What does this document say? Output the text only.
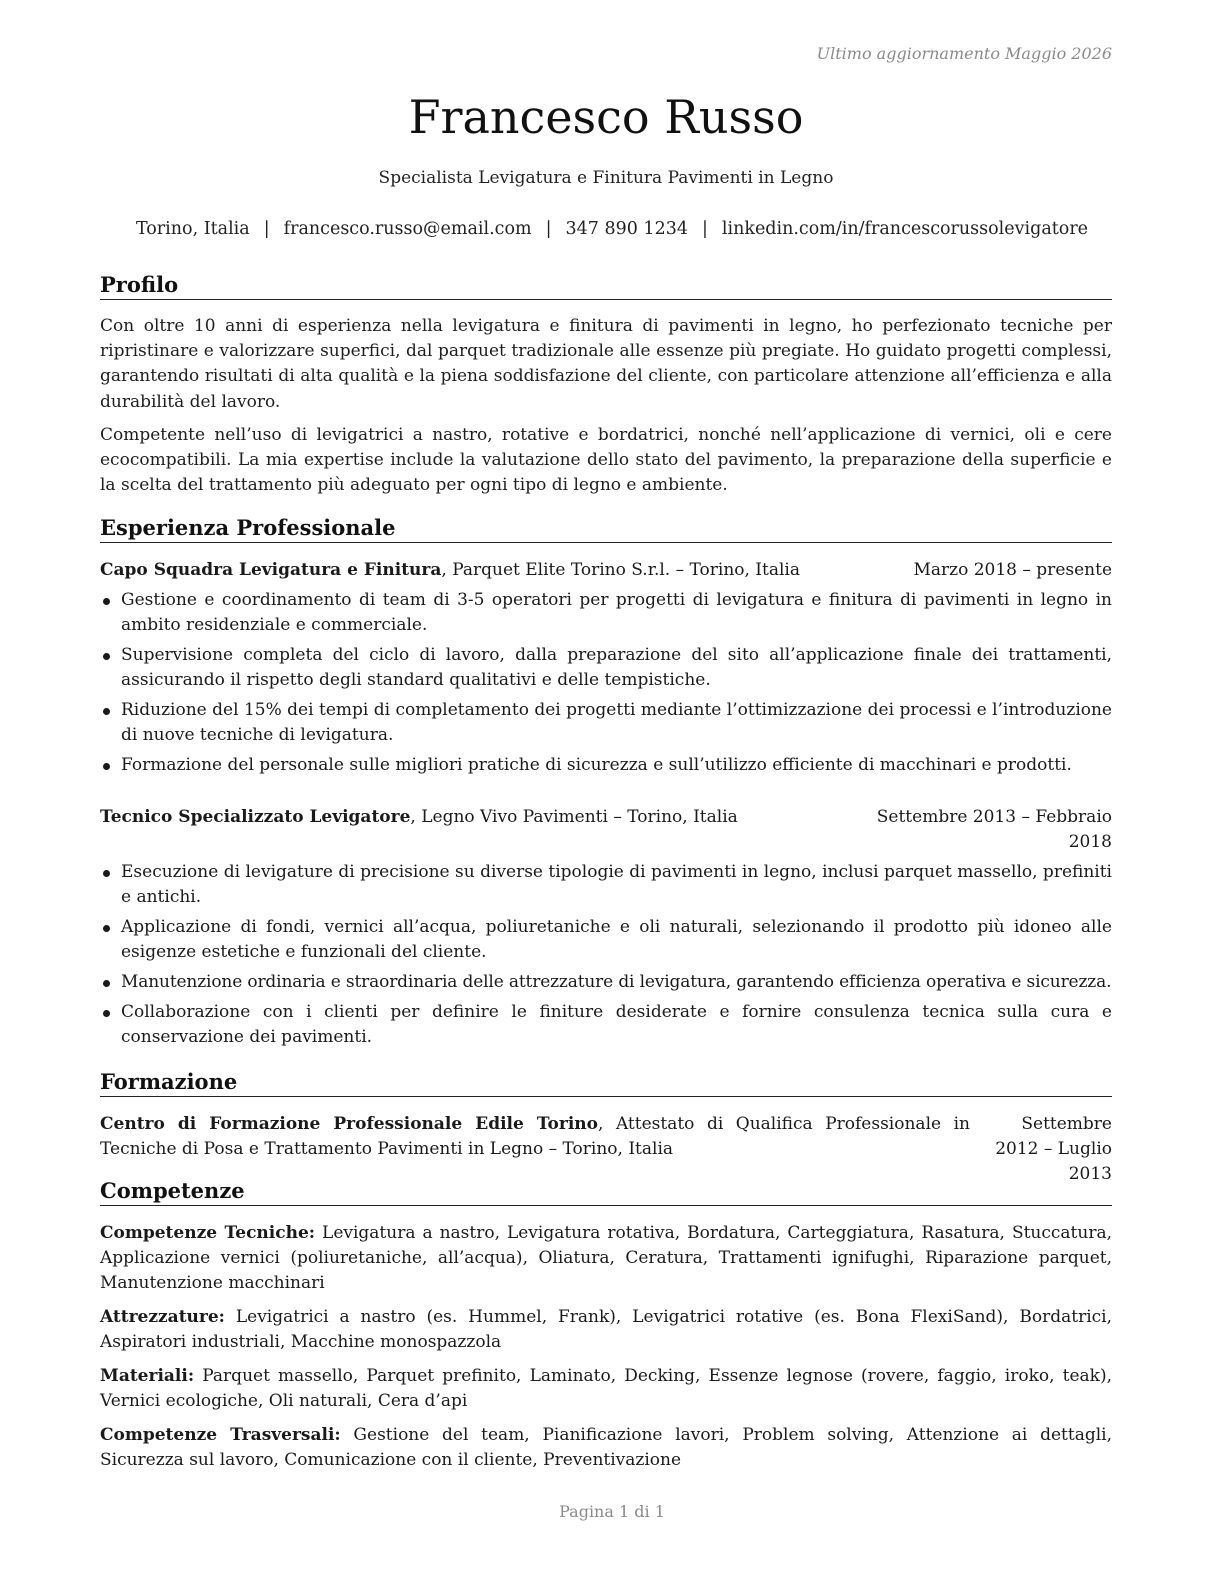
Ultimo aggiornamento Maggio 2026
Francesco Russo
Specialista Levigatura e Finitura Pavimenti in Legno
Torino, Italia | francesco.russo@email.com | 347 890 1234 | linkedin.com/in/francescorussolevigatore
Profilo

Con oltre 10 anni di esperienza nella levigatura e finitura di pavimenti in legno, ho perfezionato tecniche per ripristinare e valorizzare superfici, dal parquet tradizionale alle essenze più pregiate. Ho guidato progetti complessi, garantendo risultati di alta qualità e la piena soddisfazione del cliente, con particolare attenzione all’efficienza e alla durabilità del lavoro.

Competente nell’uso di levigatrici a nastro, rotative e bordatrici, nonché nell’applicazione di vernici, oli e cere ecocompatibili. La mia expertise include la valutazione dello stato del pavimento, la preparazione della superficie e la scelta del trattamento più adeguato per ogni tipo di legno e ambiente.

Esperienza Professionale
Capo Squadra Levigatura e Finitura, Parquet Elite Torino S.r.l. – Torino, Italia	Marzo 2018 – presente
Gestione e coordinamento di team di 3-5 operatori per progetti di levigatura e finitura di pavimenti in legno in ambito residenziale e commerciale.
Supervisione completa del ciclo di lavoro, dalla preparazione del sito all’applicazione finale dei trattamenti, assicurando il rispetto degli standard qualitativi e delle tempistiche.
Riduzione del 15% dei tempi di completamento dei progetti mediante l’ottimizzazione dei processi e l’introduzione di nuove tecniche di levigatura.
Formazione del personale sulle migliori pratiche di sicurezza e sull’utilizzo efficiente di macchinari e prodotti.
Tecnico Specializzato Levigatore, Legno Vivo Pavimenti – Torino, Italia	Settembre 2013 – Febbraio 2018
Esecuzione di levigature di precisione su diverse tipologie di pavimenti in legno, inclusi parquet massello, prefiniti e antichi.
Applicazione di fondi, vernici all’acqua, poliuretaniche e oli naturali, selezionando il prodotto più idoneo alle esigenze estetiche e funzionali del cliente.
Manutenzione ordinaria e straordinaria delle attrezzature di levigatura, garantendo efficienza operativa e sicurezza.
Collaborazione con i clienti per definire le finiture desiderate e fornire consulenza tecnica sulla cura e conservazione dei pavimenti.
Formazione
Centro di Formazione Professionale Edile Torino, Attestato di Qualifica Professionale in Tecniche di Posa e Trattamento Pavimenti in Legno – Torino, Italia
Settembre 2012 – Luglio 2013
Competenze

Competenze Tecniche: Levigatura a nastro, Levigatura rotativa, Bordatura, Carteggiatura, Rasatura, Stuccatura, Applicazione vernici (poliuretaniche, all’acqua), Oliatura, Ceratura, Trattamenti ignifughi, Riparazione parquet, Manutenzione macchinari

Attrezzature: Levigatrici a nastro (es. Hummel, Frank), Levigatrici rotative (es. Bona FlexiSand), Bordatrici, Aspiratori industriali, Macchine monospazzola

Materiali: Parquet massello, Parquet prefinito, Laminato, Decking, Essenze legnose (rovere, faggio, iroko, teak), Vernici ecologiche, Oli naturali, Cera d’api

Competenze Trasversali: Gestione del team, Pianificazione lavori, Problem solving, Attenzione ai dettagli, Sicurezza sul lavoro, Comunicazione con il cliente, Preventivazione

Pagina 1 di 1
